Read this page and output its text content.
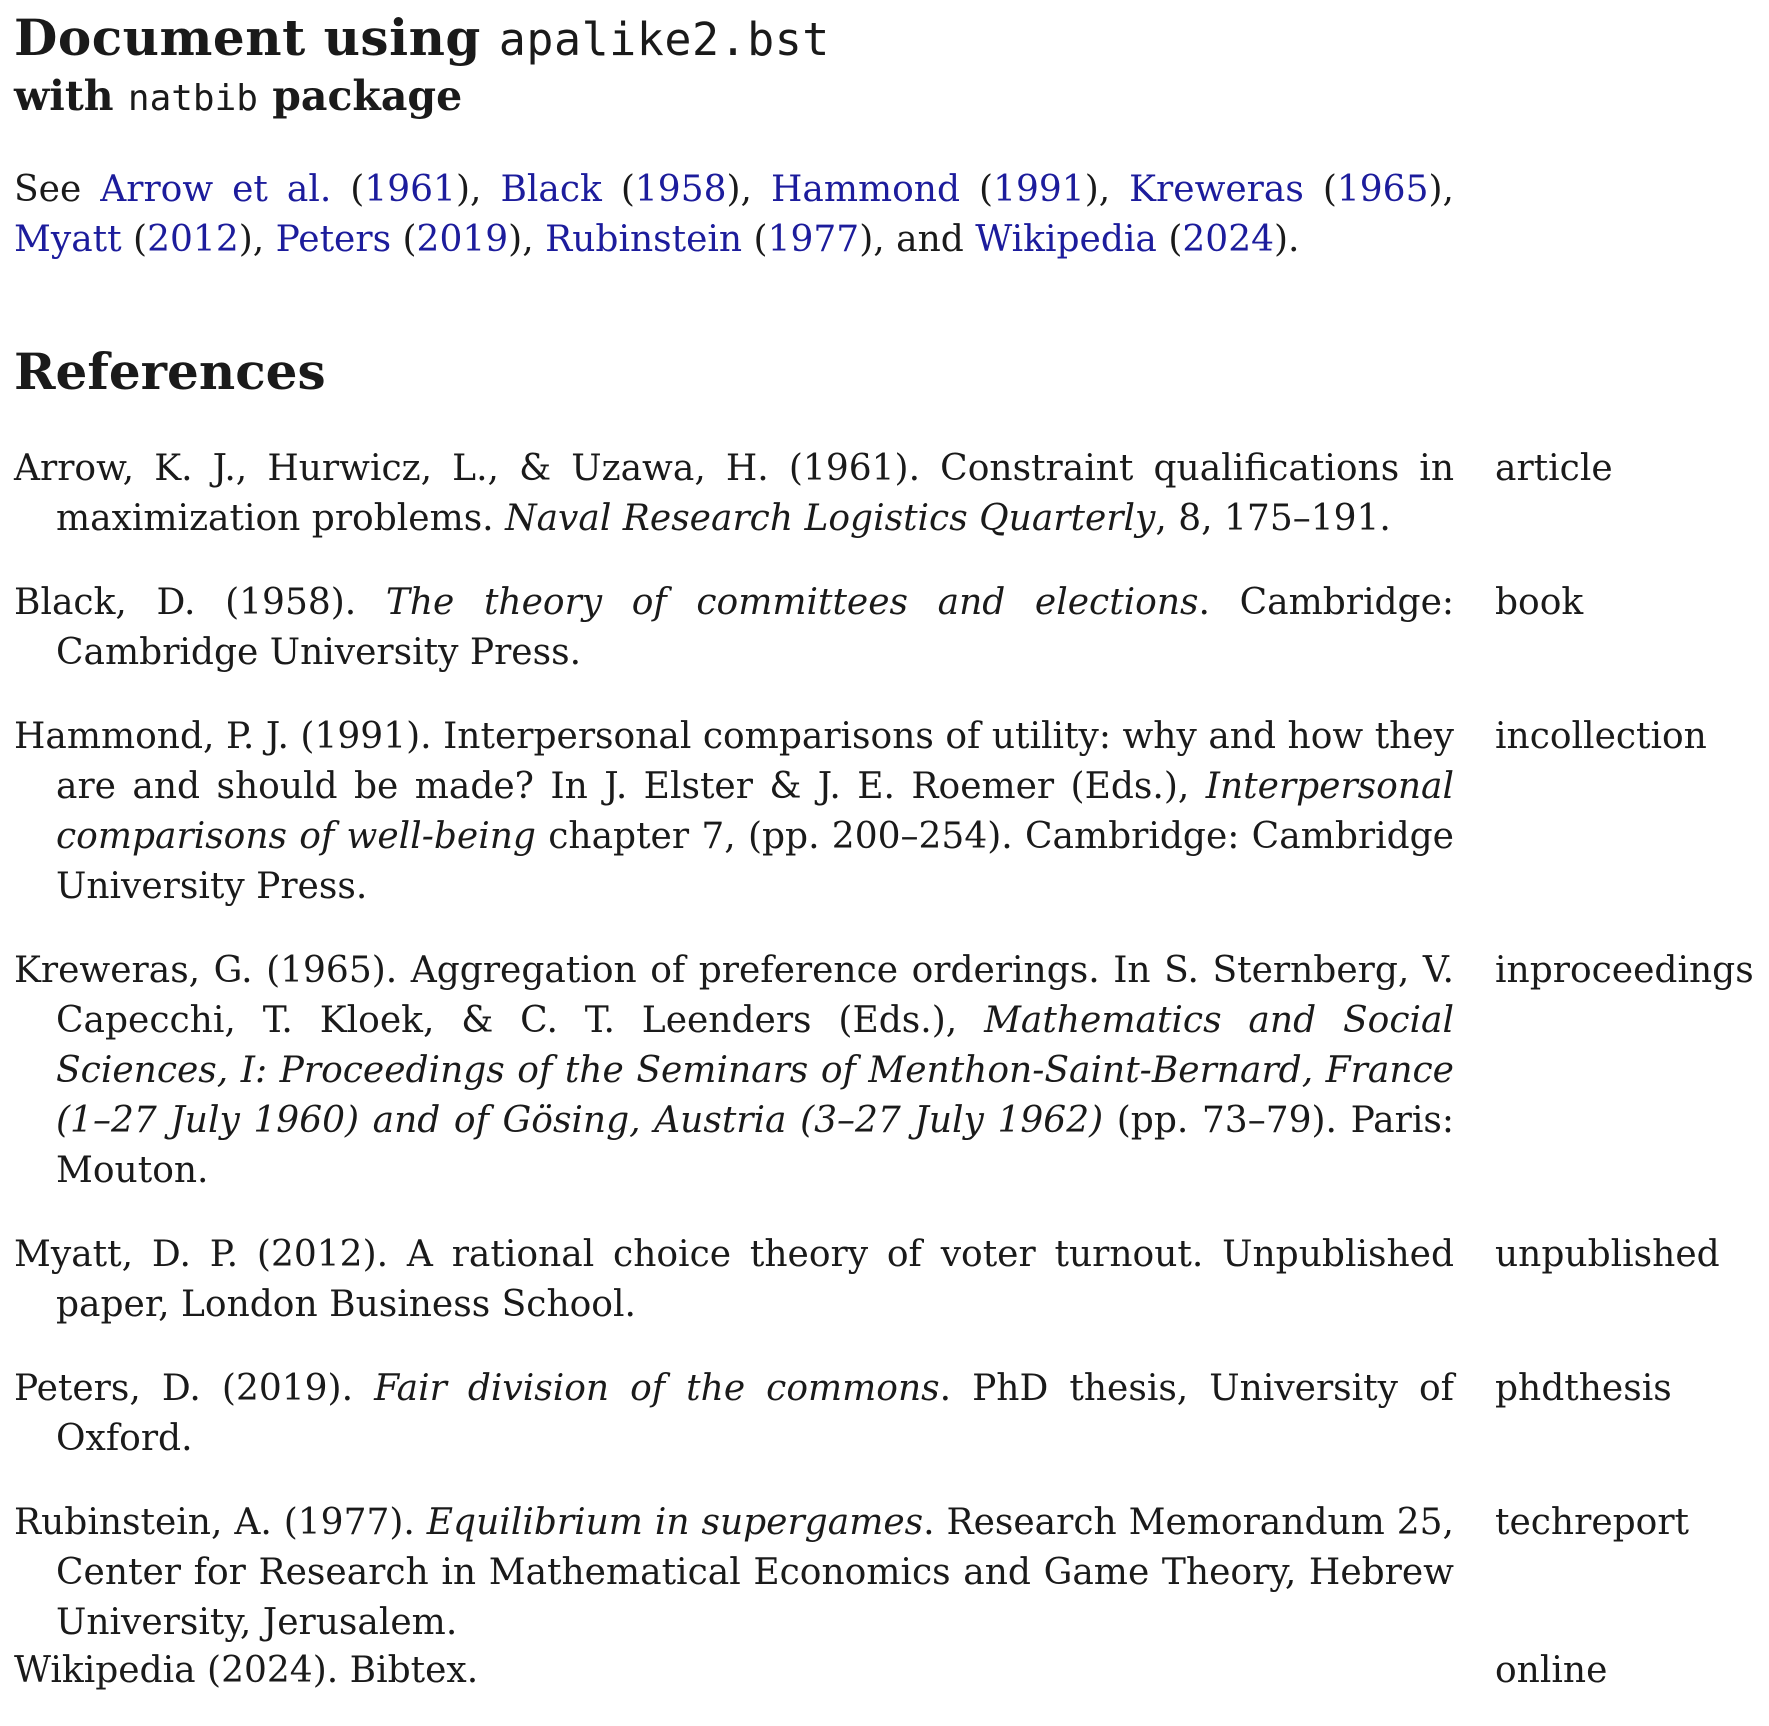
Document using apalike2.bst
with natbib package

See Arrow et al. (1961), Black (1958), Hammond (1991), Kreweras (1965), Myatt (2012), Peters (2019), Rubinstein (1977), and Wikipedia (2024).

References
Arrow, K. J., Hurwicz, L., & Uzawa, H. (1961). Constraint qualifications in maximization problems. Naval Research Logistics Quarterly, 8, 175–191.
article
Black, D. (1958). The theory of committees and elections. Cambridge: Cambridge University Press.
book
Hammond, P. J. (1991). Interpersonal comparisons of utility: why and how they are and should be made? In J. Elster & J. E. Roemer (Eds.), Interpersonal comparisons of well-being chapter 7, (pp. 200–254). Cambridge: Cambridge University Press.
incollection
Kreweras, G. (1965). Aggregation of preference orderings. In S. Sternberg, V. Capecchi, T. Kloek, & C. T. Leenders (Eds.), Mathematics and Social Sciences, I: Proceedings of the Seminars of Menthon-Saint-Bernard, France (1–27 July 1960) and of Gösing, Austria (3–27 July 1962) (pp. 73–79). Paris: Mouton.
inproceedings
Myatt, D. P. (2012). A rational choice theory of voter turnout. Unpublished paper, London Business School.
unpublished
Peters, D. (2019). Fair division of the commons. PhD thesis, University of Oxford.
phdthesis
Rubinstein, A. (1977). Equilibrium in supergames. Research Memorandum 25, Center for Research in Mathematical Economics and Game Theory, Hebrew University, Jerusalem.
techreport
Wikipedia (2024). Bibtex.	online
